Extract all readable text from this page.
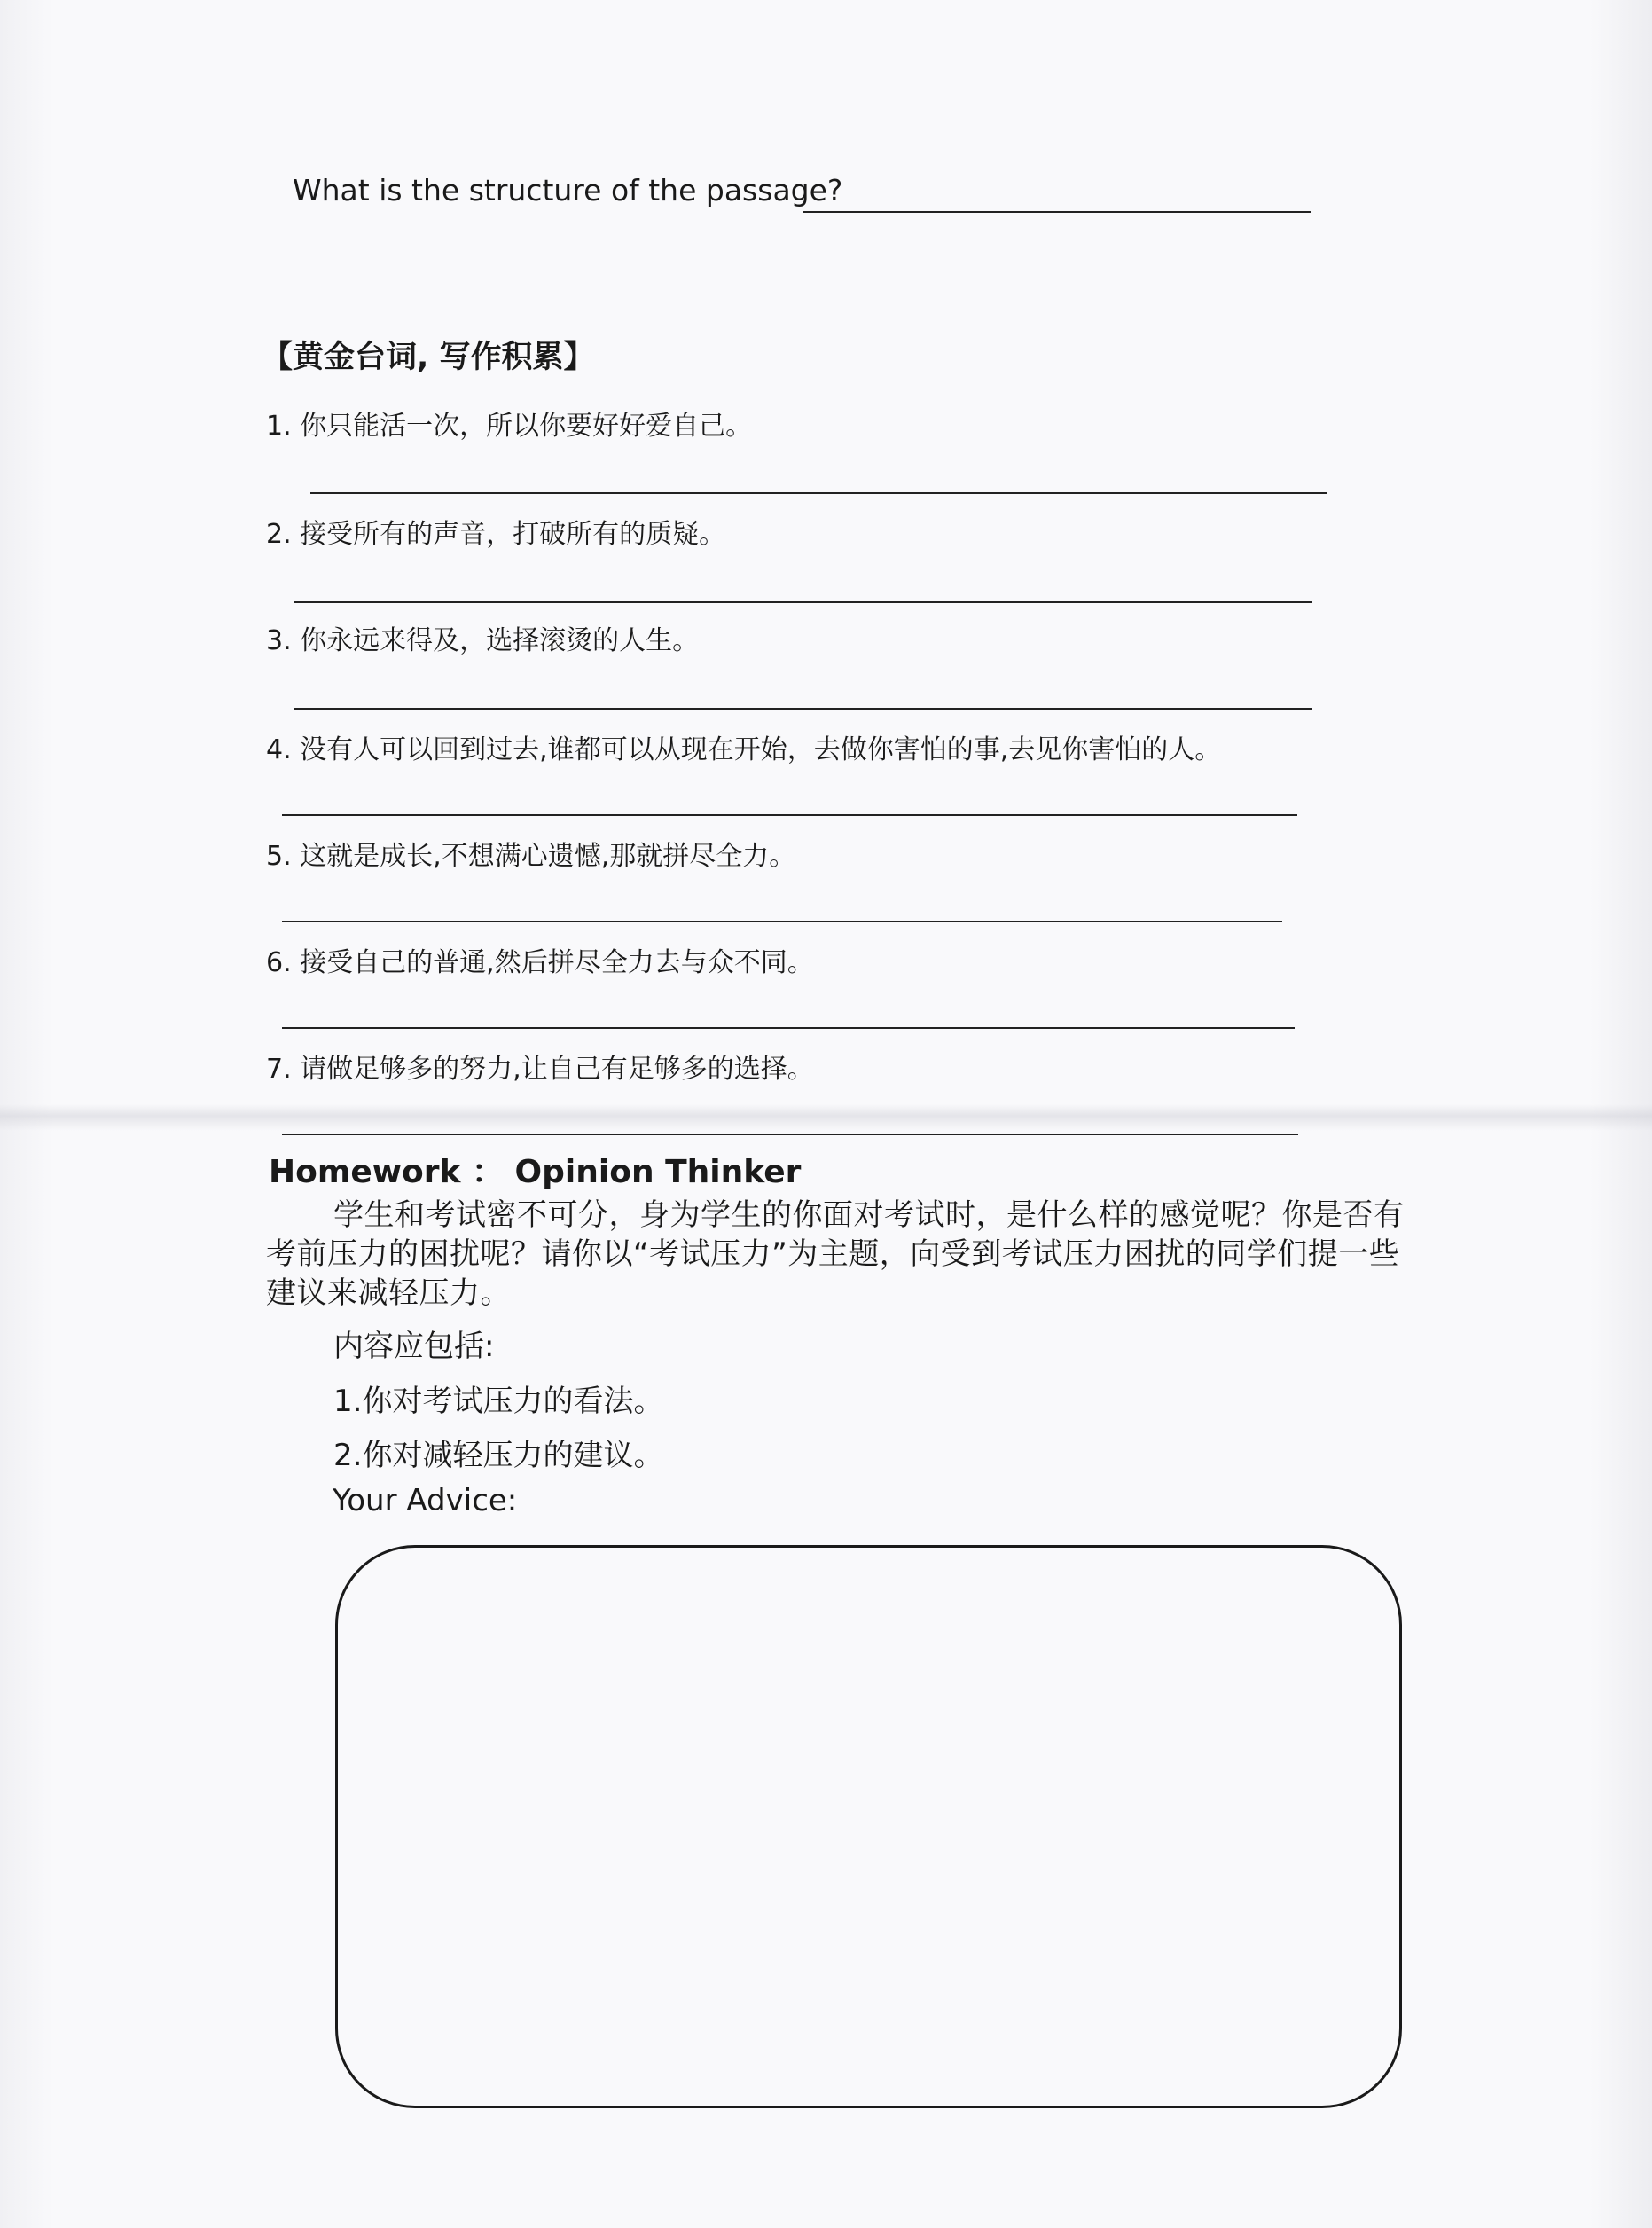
What is the structure of the passage?
【黄金台词, 写作积累】
1. 你只能活一次，所以你要好好爱自己。
2. 接受所有的声音，打破所有的质疑。
3. 你永远来得及，选择滚烫的人生。
4. 没有人可以回到过去,谁都可以从现在开始，去做你害怕的事,去见你害怕的人。
5. 这就是成长,不想满心遗憾,那就拼尽全力。
6. 接受自己的普通,然后拼尽全力去与众不同。
7. 请做足够多的努力,让自己有足够多的选择。
Homework ： Opinion Thinker
学生和考试密不可分，身为学生的你面对考试时，是什么样的感觉呢？你是否有考前压力的困扰呢？请你以“考试压力”为主题，向受到考试压力困扰的同学们提一些建议来减轻压力。
内容应包括:
1.你对考试压力的看法。
2.你对减轻压力的建议。
Your Advice:
